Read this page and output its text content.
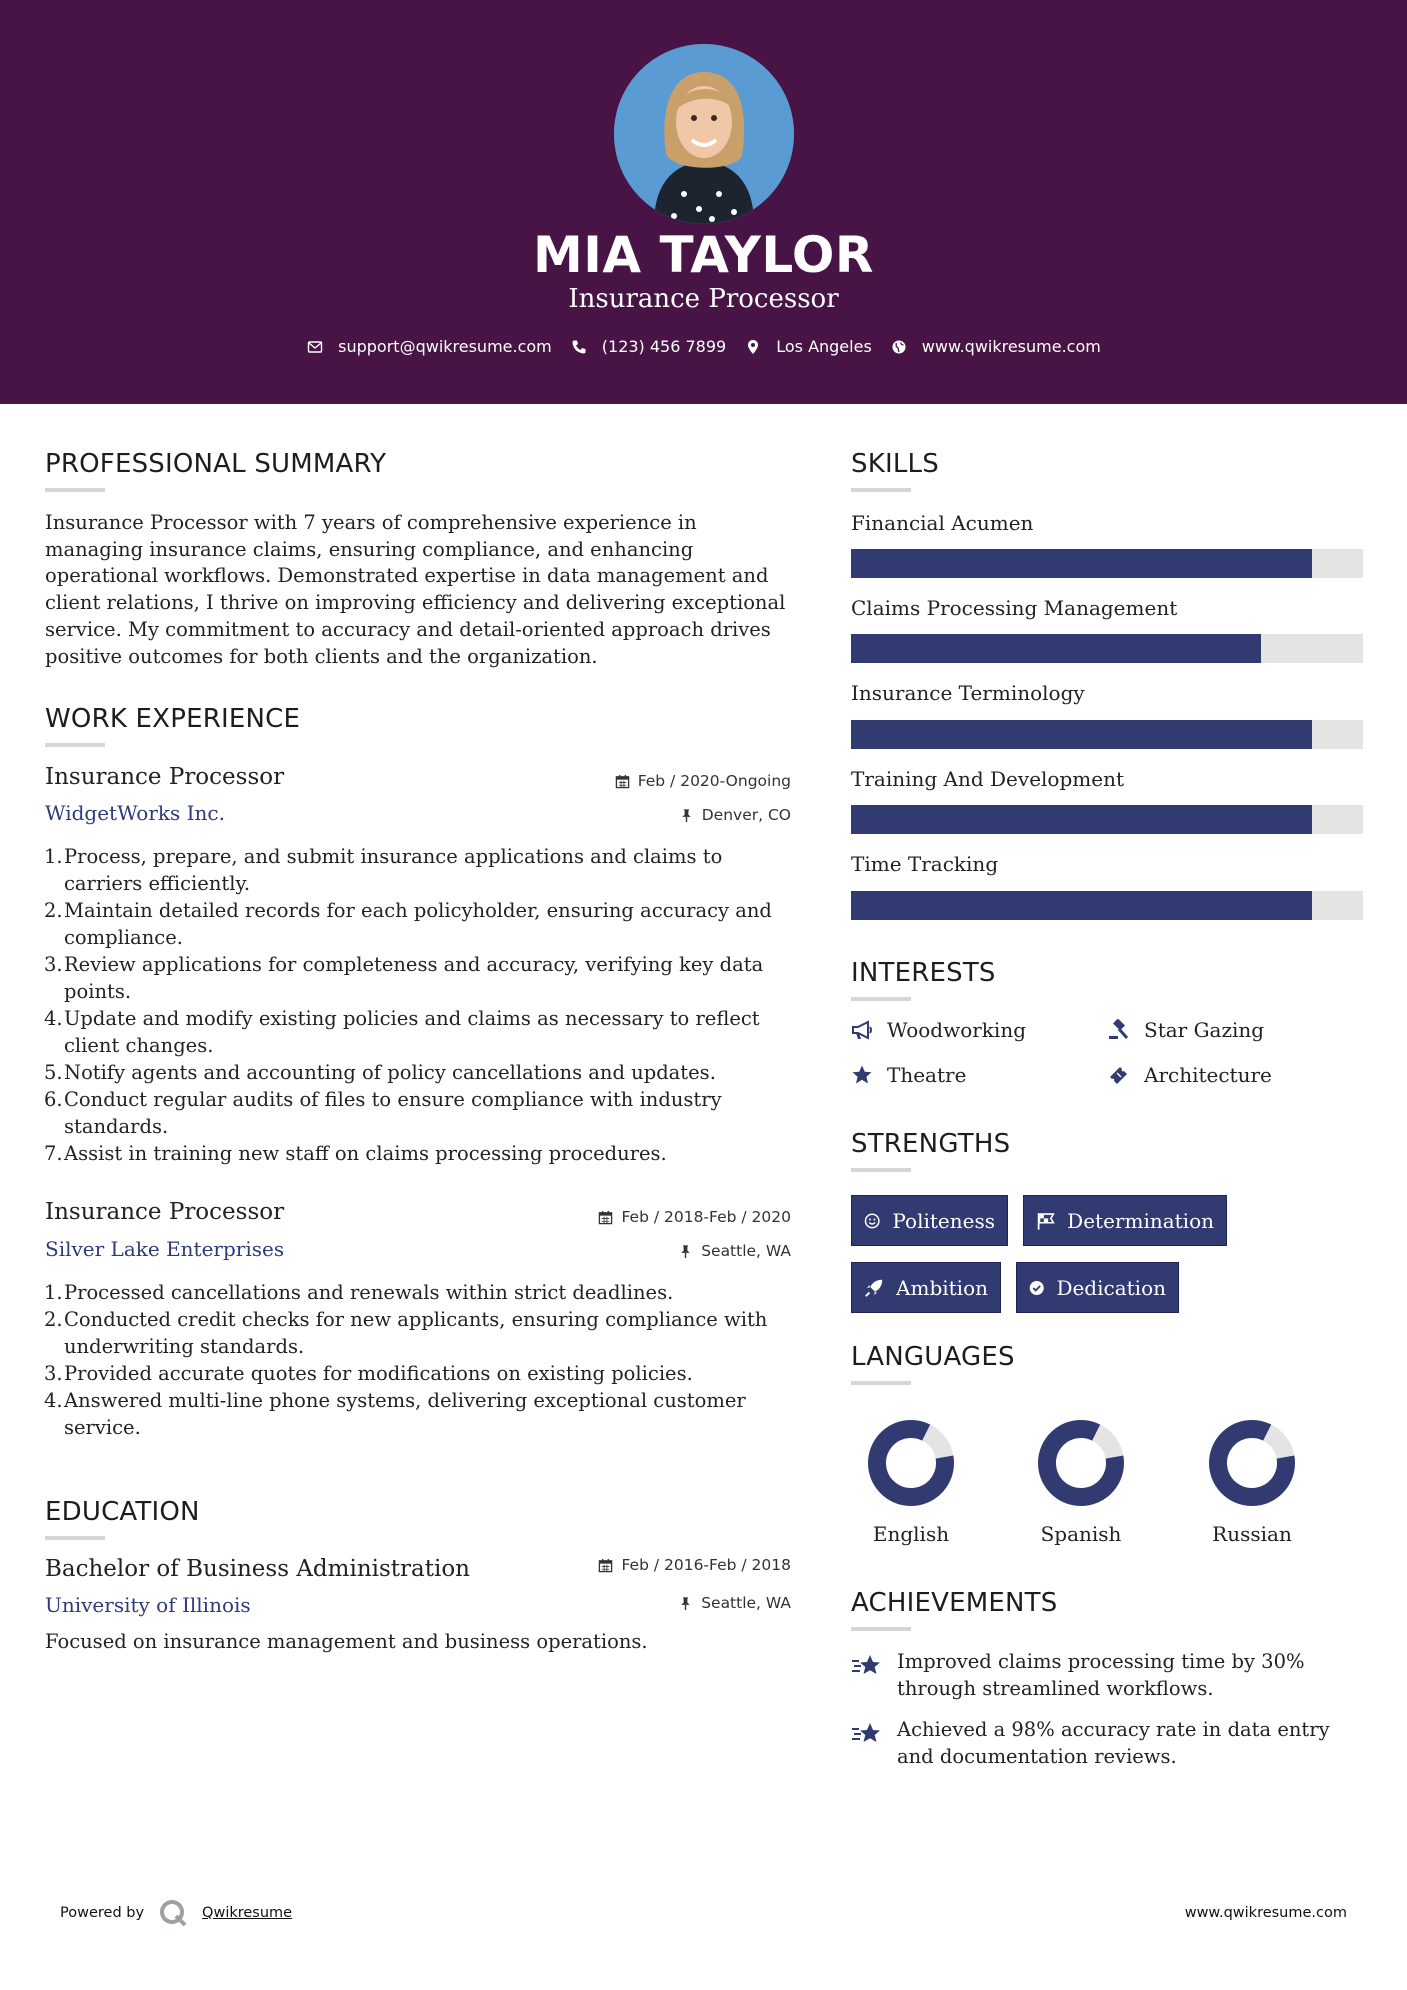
MIA TAYLOR
Insurance Processor
support@qwikresume.com	(123) 456 7899	Los Angeles	www.qwikresume.com
PROFESSIONAL SUMMARY
Insurance Processor with 7 years of comprehensive experience in managing insurance claims, ensuring compliance, and enhancing operational workflows. Demonstrated expertise in data management and client relations, I thrive on improving efficiency and delivering exceptional service. My commitment to accuracy and detail-oriented approach drives positive outcomes for both clients and the organization.
WORK EXPERIENCE
Insurance Processor	Feb / 2020-Ongoing
WidgetWorks Inc.	Denver, CO
1. Process, prepare, and submit insurance applications and claims to carriers efficiently.
2. Maintain detailed records for each policyholder, ensuring accuracy and compliance.
3. Review applications for completeness and accuracy, verifying key data points.
4. Update and modify existing policies and claims as necessary to reflect client changes.
5. Notify agents and accounting of policy cancellations and updates.
6. Conduct regular audits of files to ensure compliance with industry standards.
7. Assist in training new staff on claims processing procedures.
Insurance Processor	Feb / 2018-Feb / 2020
Silver Lake Enterprises	Seattle, WA
1. Processed cancellations and renewals within strict deadlines.
2. Conducted credit checks for new applicants, ensuring compliance with underwriting standards.
3. Provided accurate quotes for modifications on existing policies.
4. Answered multi-line phone systems, delivering exceptional customer service.
EDUCATION
Bachelor of Business Administration	Feb / 2016-Feb / 2018
University of Illinois	Seattle, WA
Focused on insurance management and business operations.
SKILLS
Financial Acumen
Claims Processing Management
Insurance Terminology
Training And Development
Time Tracking
INTERESTS
Woodworking	Star Gazing
Theatre	Architecture
STRENGTHS
Politeness	Determination
Ambition	Dedication
LANGUAGES
English	Spanish	Russian
ACHIEVEMENTS
Improved claims processing time by 30% through streamlined workflows.
Achieved a 98% accuracy rate in data entry and documentation reviews.
Powered by	Qwikresume	www.qwikresume.com
